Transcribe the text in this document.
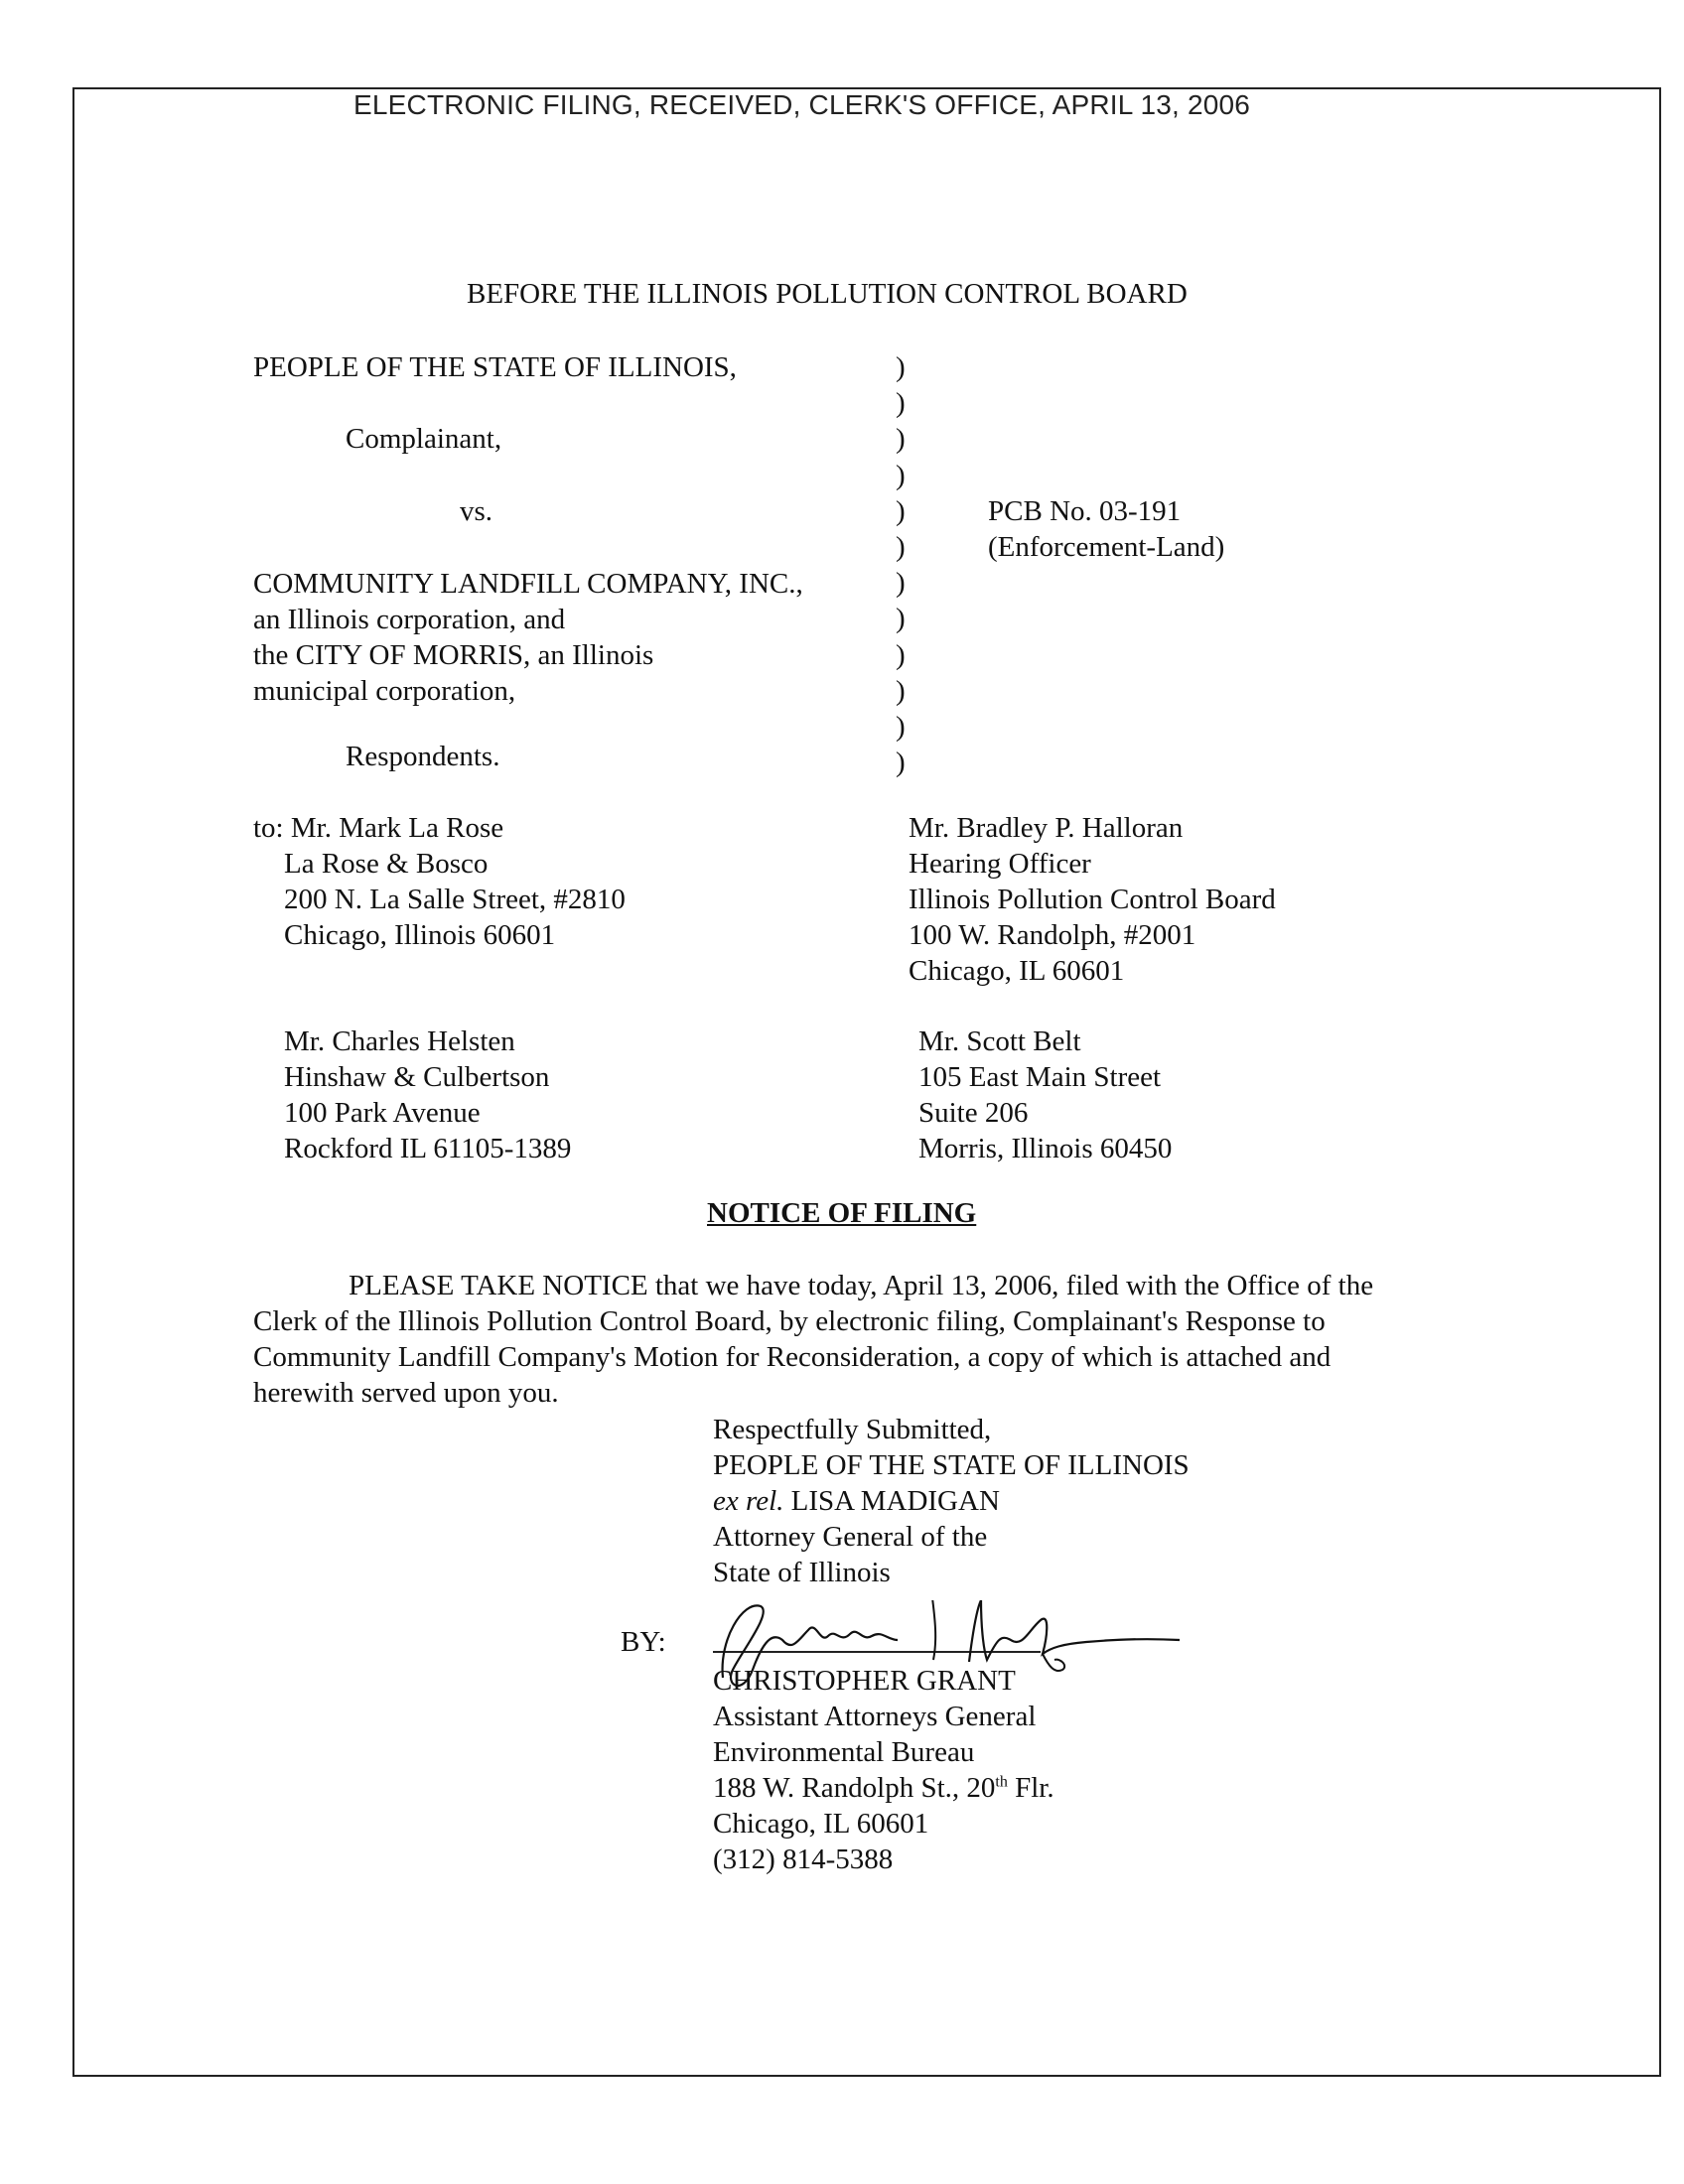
ELECTRONIC FILING, RECEIVED, CLERK'S OFFICE, APRIL 13, 2006
BEFORE THE ILLINOIS POLLUTION CONTROL BOARD
PEOPLE OF THE STATE OF ILLINOIS,
Complainant,
vs.
COMMUNITY LANDFILL COMPANY, INC.,
an Illinois corporation, and
the CITY OF MORRIS, an Illinois
municipal corporation,
Respondents.
)
)
)
)
)
)
)
)
)
)
)
)
PCB No. 03-191
(Enforcement-Land)
to: Mr. Mark La Rose
La Rose & Bosco
200 N. La Salle Street, #2810
Chicago, Illinois 60601
Mr. Bradley P. Halloran
Hearing Officer
Illinois Pollution Control Board
100 W. Randolph, #2001
Chicago, IL 60601
Mr. Charles Helsten
Hinshaw & Culbertson
100 Park Avenue
Rockford IL 61105-1389
Mr. Scott Belt
105 East Main Street
Suite 206
Morris, Illinois 60450
NOTICE OF FILING
PLEASE TAKE NOTICE that we have today, April 13, 2006, filed with the Office of the
Clerk of the Illinois Pollution Control Board, by electronic filing, Complainant's Response to
Community Landfill Company's Motion for Reconsideration, a copy of which is attached and
herewith served upon you.
Respectfully Submitted,
PEOPLE OF THE STATE OF ILLINOIS
ex rel. LISA MADIGAN
Attorney General of the
State of Illinois
BY:
CHRISTOPHER GRANT
Assistant Attorneys General
Environmental Bureau
188 W. Randolph St., 20th Flr.
Chicago, IL 60601
(312) 814-5388
